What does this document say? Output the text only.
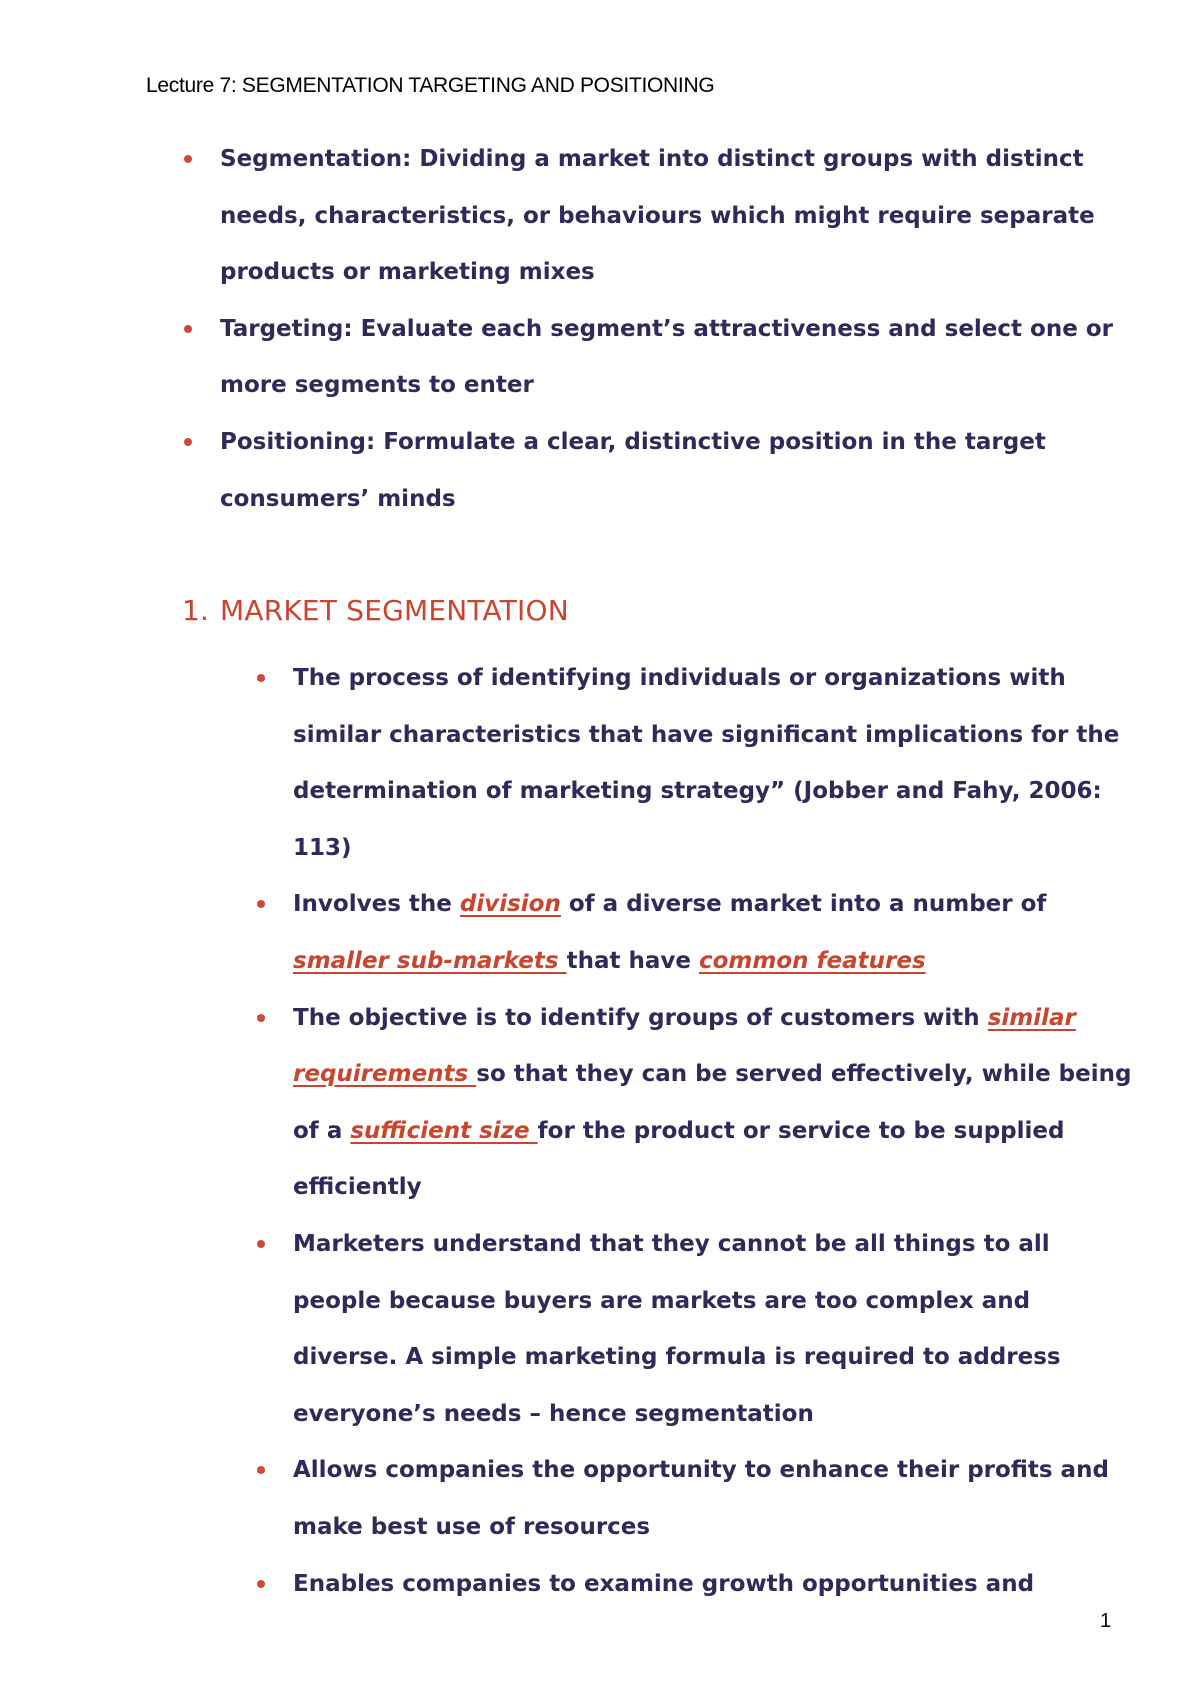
Lecture 7: SEGMENTATION TARGETING AND POSITIONING
Segmentation: Dividing a market into distinct groups with distinct needs, characteristics, or behaviours which might require separate products or marketing mixes
Targeting: Evaluate each segment’s attractiveness and select one or more segments to enter
Positioning: Formulate a clear, distinctive position in the target consumers’ minds
1. MARKET SEGMENTATION
The process of identifying individuals or organizations with similar characteristics that have significant implications for the determination of marketing strategy” (Jobber and Fahy, 2006: 113)
Involves the division of a diverse market into a number of smaller sub-markets that have common features
The objective is to identify groups of customers with similar requirements so that they can be served effectively, while being of a sufficient size for the product or service to be supplied efficiently
Marketers understand that they cannot be all things to all people because buyers are markets are too complex and diverse. A simple marketing formula is required to address everyone’s needs – hence segmentation
Allows companies the opportunity to enhance their profits and make best use of resources
Enables companies to examine growth opportunities and
1
